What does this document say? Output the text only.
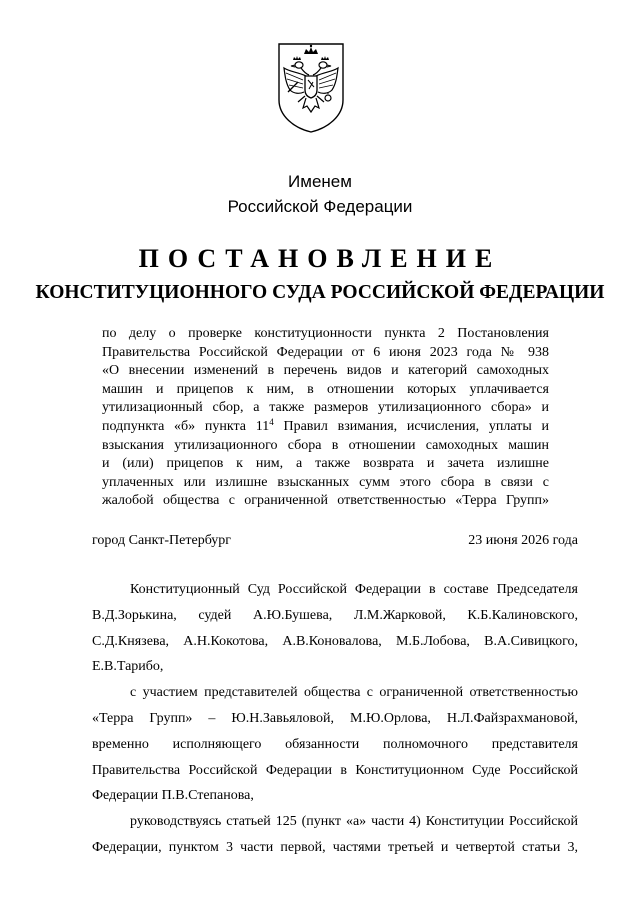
Именем
Российской Федерации
ПОСТАНОВЛЕНИЕ
КОНСТИТУЦИОННОГО СУДА РОССИЙСКОЙ ФЕДЕРАЦИИ
по делу о проверке конституционности пункта 2 Постановления
Правительства Российской Федерации от 6 июня 2023 года № 938
«О внесении изменений в перечень видов и категорий самоходных
машин и прицепов к ним, в отношении которых уплачивается
утилизационный сбор, а также размеров утилизационного сбора» и
подпункта «б» пункта $11^4$ Правил взимания, исчисления, уплаты и
взыскания утилизационного сбора в отношении самоходных машин
и (или) прицепов к ним, а также возврата и зачета излишне
уплаченных или излишне взысканных сумм этого сбора в связи с
жалобой общества с ограниченной ответственностью «Терра Групп»
город Санкт-Петербург	23 июня 2026 года
Конституционный Суд Российской Федерации в составе Председателя
В.Д.Зорькина, судей А.Ю.Бушева, Л.М.Жарковой, К.Б.Калиновского,
С.Д.Князева, А.Н.Кокотова, А.В.Коновалова, М.Б.Лобова, В.А.Сивицкого,
Е.В.Тарибо,
с участием представителей общества с ограниченной ответственностью
«Терра Групп» – Ю.Н.Завьяловой, М.Ю.Орлова, Н.Л.Файзрахмановой,
временно исполняющего обязанности полномочного представителя
Правительства Российской Федерации в Конституционном Суде Российской
Федерации П.В.Степанова,
руководствуясь статьей 125 (пункт «а» части 4) Конституции Российской
Федерации, пунктом 3 части первой, частями третьей и четвертой статьи 3,
